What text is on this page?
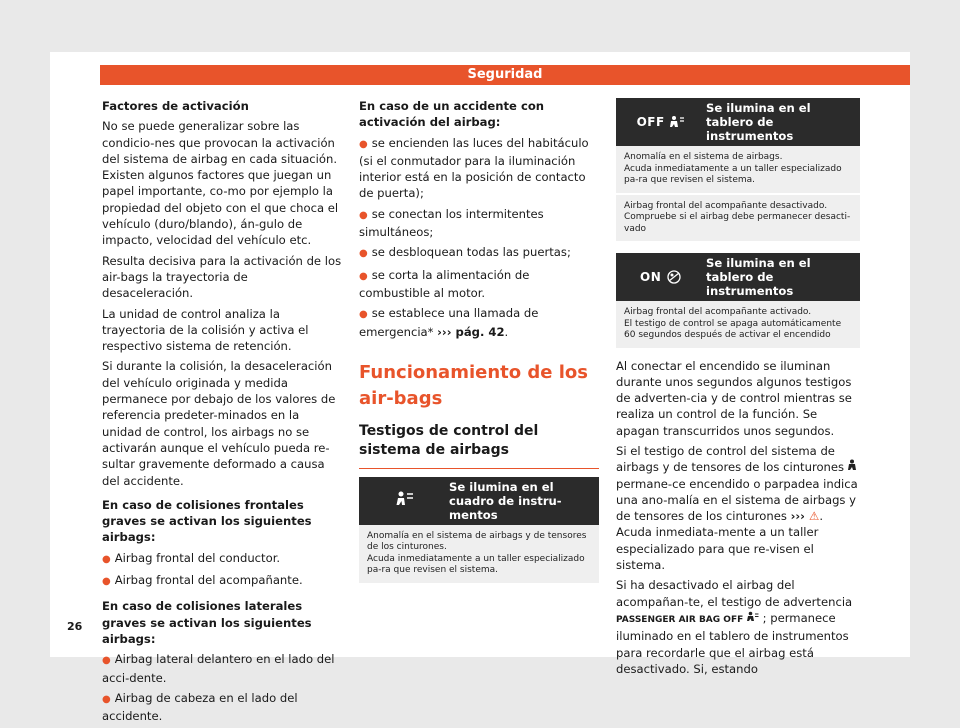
Seguridad

Factores de activación

No se puede generalizar sobre las condicio-nes que provocan la activación del sistema de airbag en cada situación. Existen algunos factores que juegan un papel importante, co-mo por ejemplo la propiedad del objeto con el que choca el vehículo (duro/blando), án-gulo de impacto, velocidad del vehículo etc.

Resulta decisiva para la activación de los air-bags la trayectoria de desaceleración.

La unidad de control analiza la trayectoria de la colisión y activa el respectivo sistema de retención.

Si durante la colisión, la desaceleración del vehículo originada y medida permanece por debajo de los valores de referencia predeter-minados en la unidad de control, los airbags no se activarán aunque el vehículo pueda re-sultar gravemente deformado a causa del accidente.

En caso de colisiones frontales graves se activan los siguientes airbags:

● Airbag frontal del conductor.
● Airbag frontal del acompañante.

En caso de colisiones laterales graves se activan los siguientes airbags:

● Airbag lateral delantero en el lado del acci-dente.
● Airbag de cabeza en el lado del accidente.

En caso de un accidente con activación del airbag:

● se encienden las luces del habitáculo (si el conmutador para la iluminación interior está en la posición de contacto de puerta);
● se conectan los intermitentes simultáneos;
● se desbloquean todas las puertas;
● se corta la alimentación de combustible al motor.
● se establece una llamada de emergencia* ››› pág. 42.
Funcionamiento de los air-bags
Testigos de control del sistema de airbags
Se ilumina en el cuadro de instru-mentos
Anomalía en el sistema de airbags y de tensores de los cinturones.
Acuda inmediatamente a un taller especializado pa-ra que revisen el sistema.
OFF
Se ilumina en el tablero de instrumentos
Anomalía en el sistema de airbags.
Acuda inmediatamente a un taller especializado pa-ra que revisen el sistema.
Airbag frontal del acompañante desactivado.
Compruebe si el airbag debe permanecer desacti-vado
ON
Se ilumina en el tablero de instrumentos
Airbag frontal del acompañante activado.
El testigo de control se apaga automáticamente 60 segundos después de activar el encendido

Al conectar el encendido se iluminan durante unos segundos algunos testigos de adverten-cia y de control mientras se realiza un control de la función. Se apagan transcurridos unos segundos.

Si el testigo de control del sistema de airbags y de tensores de los cinturones  permane-ce encendido o parpadea indica una ano-malía en el sistema de airbags y de tensores de los cinturones ››› ⚠. Acuda inmediata-mente a un taller especializado para que re-visen el sistema.

Si ha desactivado el airbag del acompañan-te, el testigo de advertencia PASSENGER AIR BAG OFF ; permanece iluminado en el tablero de instrumentos para recordarle que el airbag está desactivado. Si, estando

26
